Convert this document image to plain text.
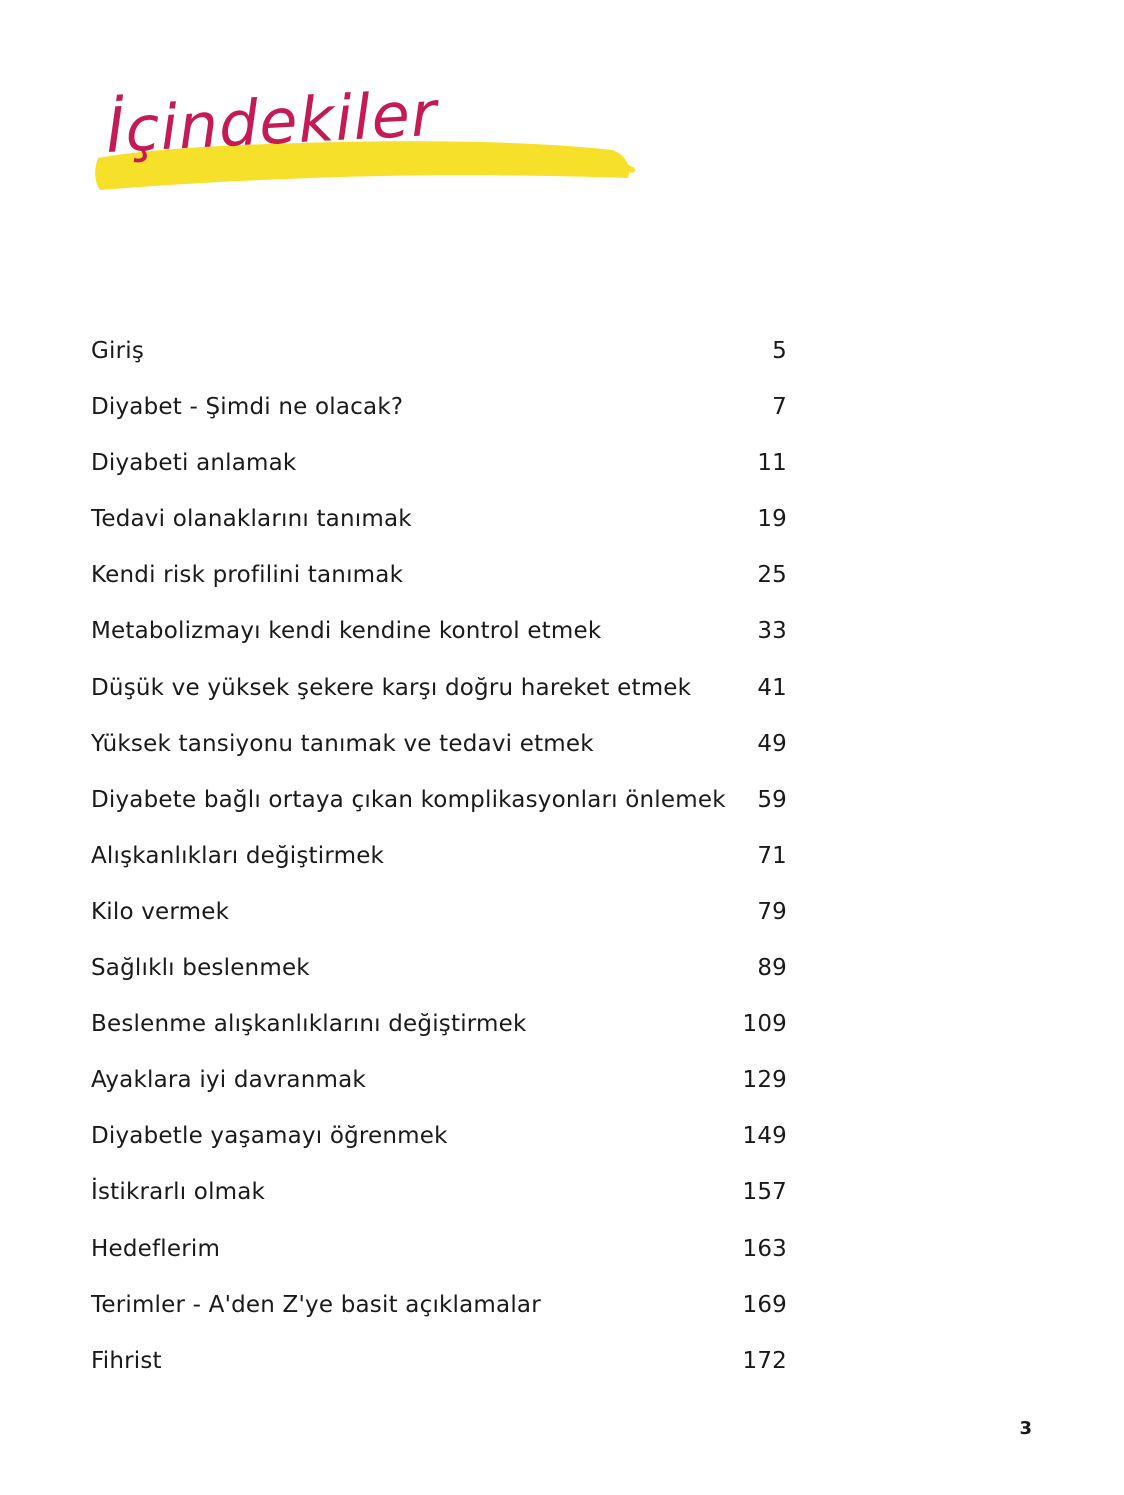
İçindekiler
Giriş	5
Diyabet - Şimdi ne olacak?	7
Diyabeti anlamak	11
Tedavi olanaklarını tanımak	19
Kendi risk profilini tanımak	25
Metabolizmayı kendi kendine kontrol etmek	33
Düşük ve yüksek şekere karşı doğru hareket etmek	41
Yüksek tansiyonu tanımak ve tedavi etmek	49
Diyabete bağlı ortaya çıkan komplikasyonları önlemek	59
Alışkanlıkları değiştirmek	71
Kilo vermek	79
Sağlıklı beslenmek	89
Beslenme alışkanlıklarını değiştirmek	109
Ayaklara iyi davranmak	129
Diyabetle yaşamayı öğrenmek	149
İstikrarlı olmak	157
Hedeflerim	163
Terimler - A'den Z'ye basit açıklamalar	169
Fihrist	172
3
